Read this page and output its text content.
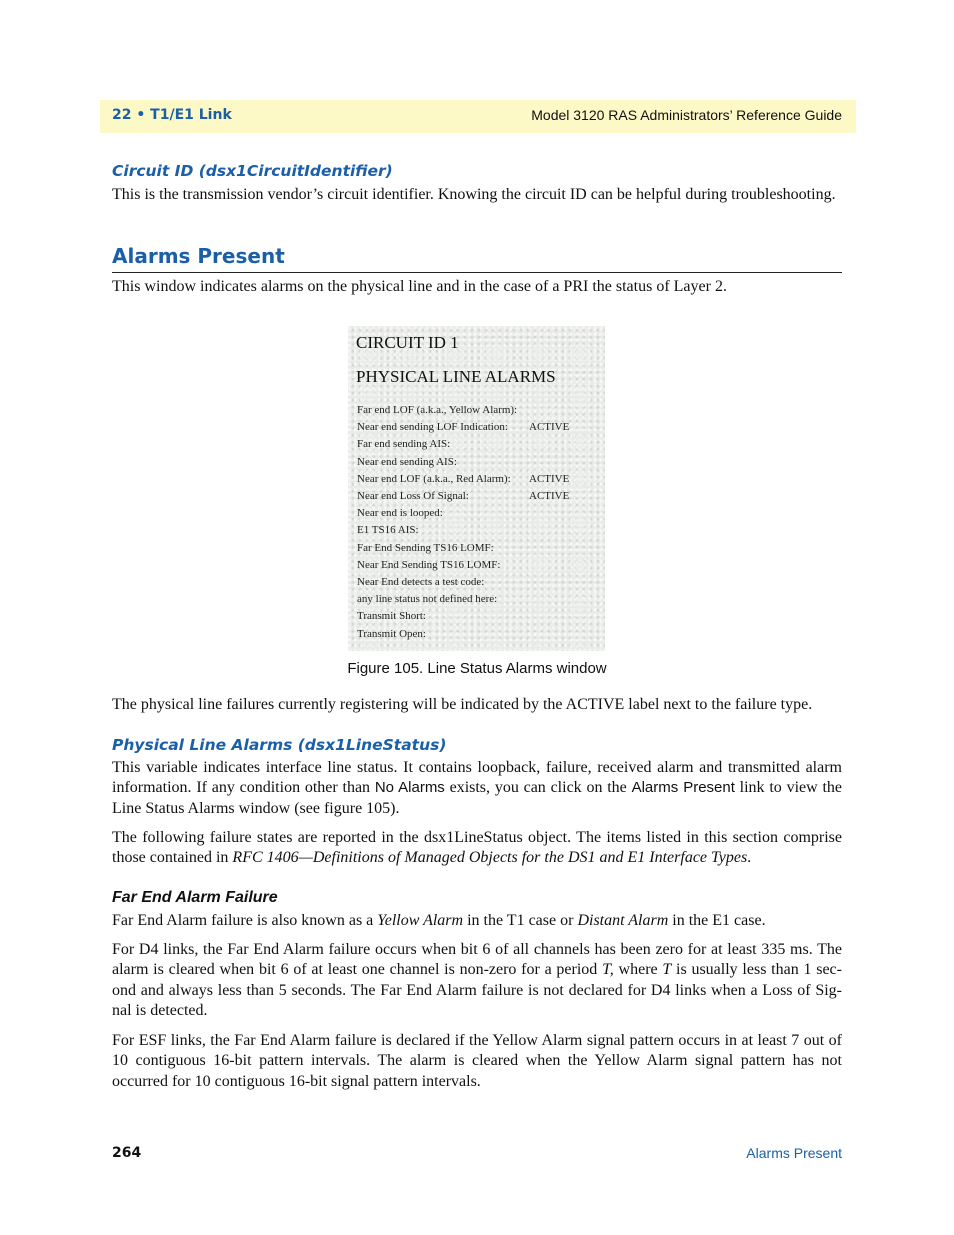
22 • T1/E1 Link	Model 3120 RAS Administrators’ Reference Guide
Circuit ID (dsx1CircuitIdentifier)

This is the transmission vendor’s circuit identifier. Knowing the circuit ID can be helpful during troubleshooting.

Alarms Present

This window indicates alarms on the physical line and in the case of a PRI the status of Layer 2.

CIRCUIT ID 1
PHYSICAL LINE ALARMS
Far end LOF (a.k.a., Yellow Alarm):
Near end sending LOF Indication: ACTIVE
Far end sending AIS:
Near end sending AIS:
Near end LOF (a.k.a., Red Alarm): ACTIVE
Near end Loss Of Signal:	ACTIVE
Near end is looped:
E1 TS16 AIS:
Far End Sending TS16 LOMF:
Near End Sending TS16 LOMF:
Near End detects a test code:
any line status not defined here:
Transmit Short:
Transmit Open:
Figure 105. Line Status Alarms window

The physical line failures currently registering will be indicated by the ACTIVE label next to the failure type.

Physical Line Alarms (dsx1LineStatus)

This variable indicates interface line status. It contains loopback, failure, received alarm and transmitted alarm information. If any condition other than No Alarms exists, you can click on the Alarms Present link to view the Line Status Alarms window (see figure 105).

The following failure states are reported in the dsx1LineStatus object. The items listed in this section comprise those contained in RFC 1406—Definitions of Managed Objects for the DS1 and E1 Interface Types.

Far End Alarm Failure

Far End Alarm failure is also known as a Yellow Alarm in the T1 case or Distant Alarm in the E1 case.

For D4 links, the Far End Alarm failure occurs when bit 6 of all channels has been zero for at least 335 ms. The alarm is cleared when bit 6 of at least one channel is non-zero for a period T, where T is usually less than 1 sec-ond and always less than 5 seconds. The Far End Alarm failure is not declared for D4 links when a Loss of Sig-nal is detected.

For ESF links, the Far End Alarm failure is declared if the Yellow Alarm signal pattern occurs in at least 7 out of 10 contiguous 16-bit pattern intervals. The alarm is cleared when the Yellow Alarm signal pattern has not occurred for 10 contiguous 16-bit signal pattern intervals.

264	Alarms Present
